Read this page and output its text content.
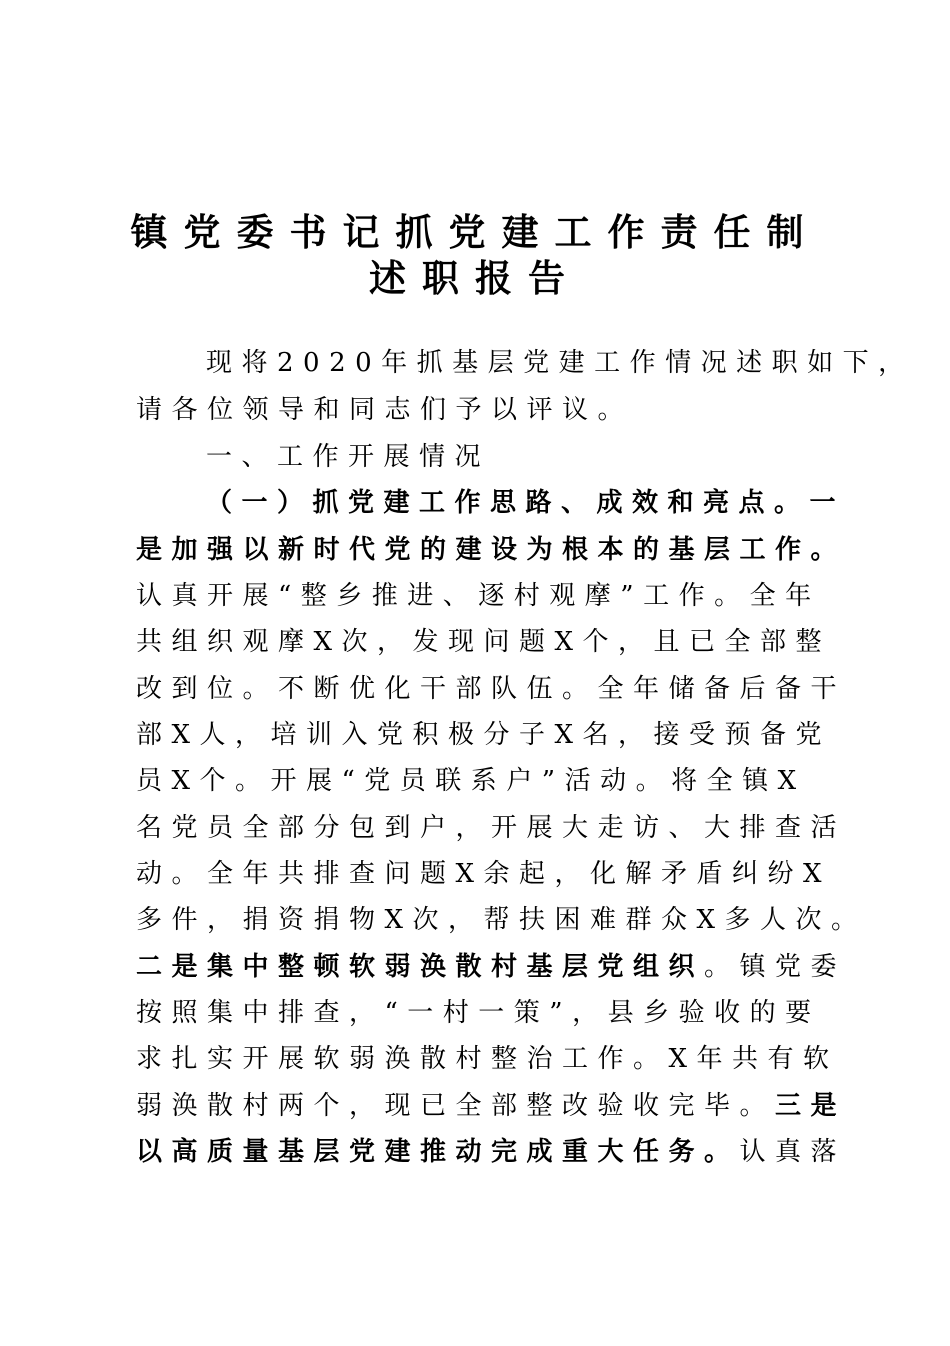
镇党委书记抓党建工作责任制
述职报告
现将2020年抓基层党建工作情况述职如下，
请各位领导和同志们予以评议。
一、工作开展情况
（一）抓党建工作思路、成效和亮点。一
是加强以新时代党的建设为根本的基层工作。
认真开展“整乡推进、逐村观摩”工作。全年
共组织观摩X次，发现问题X个，且已全部整
改到位。不断优化干部队伍。全年储备后备干
部X人，培训入党积极分子X名，接受预备党
员X个。开展“党员联系户”活动。将全镇X
名党员全部分包到户，开展大走访、大排查活
动。全年共排查问题X余起，化解矛盾纠纷X
多件，捐资捐物X次，帮扶困难群众X多人次。
二是集中整顿软弱涣散村基层党组织。镇党委
按照集中排查，“一村一策”，县乡验收的要
求扎实开展软弱涣散村整治工作。X年共有软
弱涣散村两个，现已全部整改验收完毕。三是
以高质量基层党建推动完成重大任务。认真落
